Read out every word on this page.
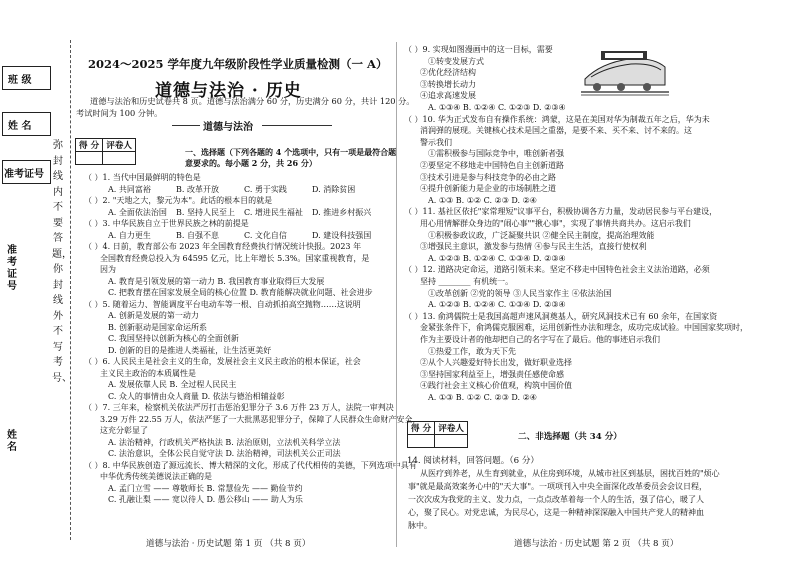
班 级
姓 名
准考证号
准考证号
姓名
弥封线内不要答题，你封线外不写考号、
2024～2025 学年度九年级阶段性学业质量检测（一 A）
道德与法治 · 历史
道德与法治和历史试卷共 8 页。道德与法治满分 60 分，历史满分 60 分，共计 120 分。
考试时间为 100 分钟。
道德与法治
得 分	评卷人

一、选择题（下列各题的 4 个选项中，只有一项是最符合题
意要求的。每小题 2 分，共 26 分）
（ ）1. 当代中国最鲜明的特色是
A. 共同富裕	B. 改革开放	C. 勇于实践	D. 消除贫困
（ ）2. "天地之大，黎元为本"。此话的根本目的就是
A. 全面依法治国 B. 坚持人民至上 C. 增进民生福祉 D. 推进乡村振兴
（ ）3. 中华民族自立于世界民族之林的前提是
A. 自力更生	B. 自强不息	C. 文化自信	D. 建设科技强国
（ ）4. 日前，教育部公布 2023 年全国教育经费执行情况统计快报。2023 年
全国教育经费总投入为 64595 亿元，比上年增长 5.3%。国家重视教育，是
因为
A. 教育是引领发展的第一动力 B. 我国教育事业取得巨大发展
C. 把教育摆在国家发展全局的核心位置 D. 教育能解决就业问题、社会进步
（ ）5. 随着运力、智能调度平台电动车等一根、自动抓拍高空抛物……这说明
A. 创新是发展的第一动力
B. 创新驱动是国家命运所系
C. 我国坚持以创新为核心的全面创新
D. 创新的目的是推进人类福祉，让生活更美好
（ ）6. 人民民主是社会主义的生命，发展社会主义民主政治的根本保证，社会
主义民主政治的本质属性是
A. 发展依靠人民 B. 全过程人民民主
C. 众人的事情由众人商量 D. 依法与德治相辅益彰
（ ）7. 三年来，检察机关依法严厉打击惩治犯罪分子 3.6 万件 23 万人，法院一审判决
3.29 万件 22.55 万人，依法严惩了一大批黑恶犯罪分子，保障了人民群众生命财产安全，
这充分彰显了
A. 法治精神，行政机关严格执法 B. 法治原则，立法机关科学立法
C. 法治意识，全体公民自觉守法 D. 法治精神，司法机关公正司法
（ ）8. 中华民族创造了源远流长、博大精深的文化，形成了代代相传的美德，下列选项中具有
中华优秀传统美德说法正确的是
A. 孟门立雪 —— 尊敬师长 B. 常慧俭先 —— 勤俭节约
C. 孔融让梨 —— 宽以待人 D. 愚公移山 —— 助人为乐
（ ）9. 实现如图漫画中的这一目标，需要
①转变发展方式
②优化经济结构
③转换增长动力
④追求高速发展
A. ①③④ B. ①②④ C. ①②③ D. ②③④
（ ）10. 华为正式发布自有操作系统：鸿蒙，这是在美国对华为制裁五年之后，华为未
消润弹的展现。关键核心技术是国之重器，是要不来、买不来、讨不来的。这
警示我们
①需积极参与国际竞争中，唯创新者强
②要坚定不移地走中国特色自主创新道路
③技术引进是参与科技竞争的必由之路
④提升创新能力是企业的市场制胜之道
A. ①③ B. ①② C. ②③ D. ②④
（ ）11. 基社区依托"家常理短"议事平台，积极协调各方力量，发动居民参与平台建设，
用心用情解群众身边的"闹心事""揪心事"，实现了事情共商共办。这启示我们
①积极参政议政，广泛凝聚共识 ②健全民主制度，提高治理效能
③增强民主意识，激发参与热情 ④参与民主生活，直接行使权利
A. ①②③ B. ①②④ C. ①③④ D. ②③④
（ ）12. 道路决定命运，道路引领未来。坚定不移走中国特色社会主义法治道路，必须
坚持 ________ 有机统一。
①改革创新 ②党的领导 ③人民当家作主 ④依法治国
A. ①②③ B. ①②④ C. ①③④ D. ②③④
（ ）13. 俞鸿儒院士是我国高超声速风洞奠基人，研究风洞技术已有 60 余年，在国家资
金紧张条件下，俞鸿儒克服困难，运用创新性办法和理念，成功完成试验。中国国家奖项时，
作为主要设计者的他却把自己的名字写在了最后。他的事迹启示我们
①热爱工作，敢为天下先
②从个人兴趣爱好特长出发，做好职业选择
③坚持国家利益至上，增强责任感使命感
④践行社会主义核心价值观，构筑中国价值
A. ①③ B. ①② C. ②③ D. ②④
得 分	评卷人

二、非选择题（共 34 分）
14. 阅读材料，回答问题。（6 分）
从医疗到养老，从生育到就业，从住房到环境，从城市社区到基层，困扰百姓的"烦心
事"就是最高效案务心中的"天大事"。一项项刊入中央全面深化改革委员会会议日程，
一次次成为我党的主义、发力点，一点点改革着每一个人的生活，强了信心，暖了人
心，聚了民心。对党忠诚，为民尽心，这是一种精神深深融入中国共产党人的精神血
脉中。
道德与法治 · 历史试题 第 1 页 （共 8 页）	道德与法治 · 历史试题 第 2 页 （共 8 页）
